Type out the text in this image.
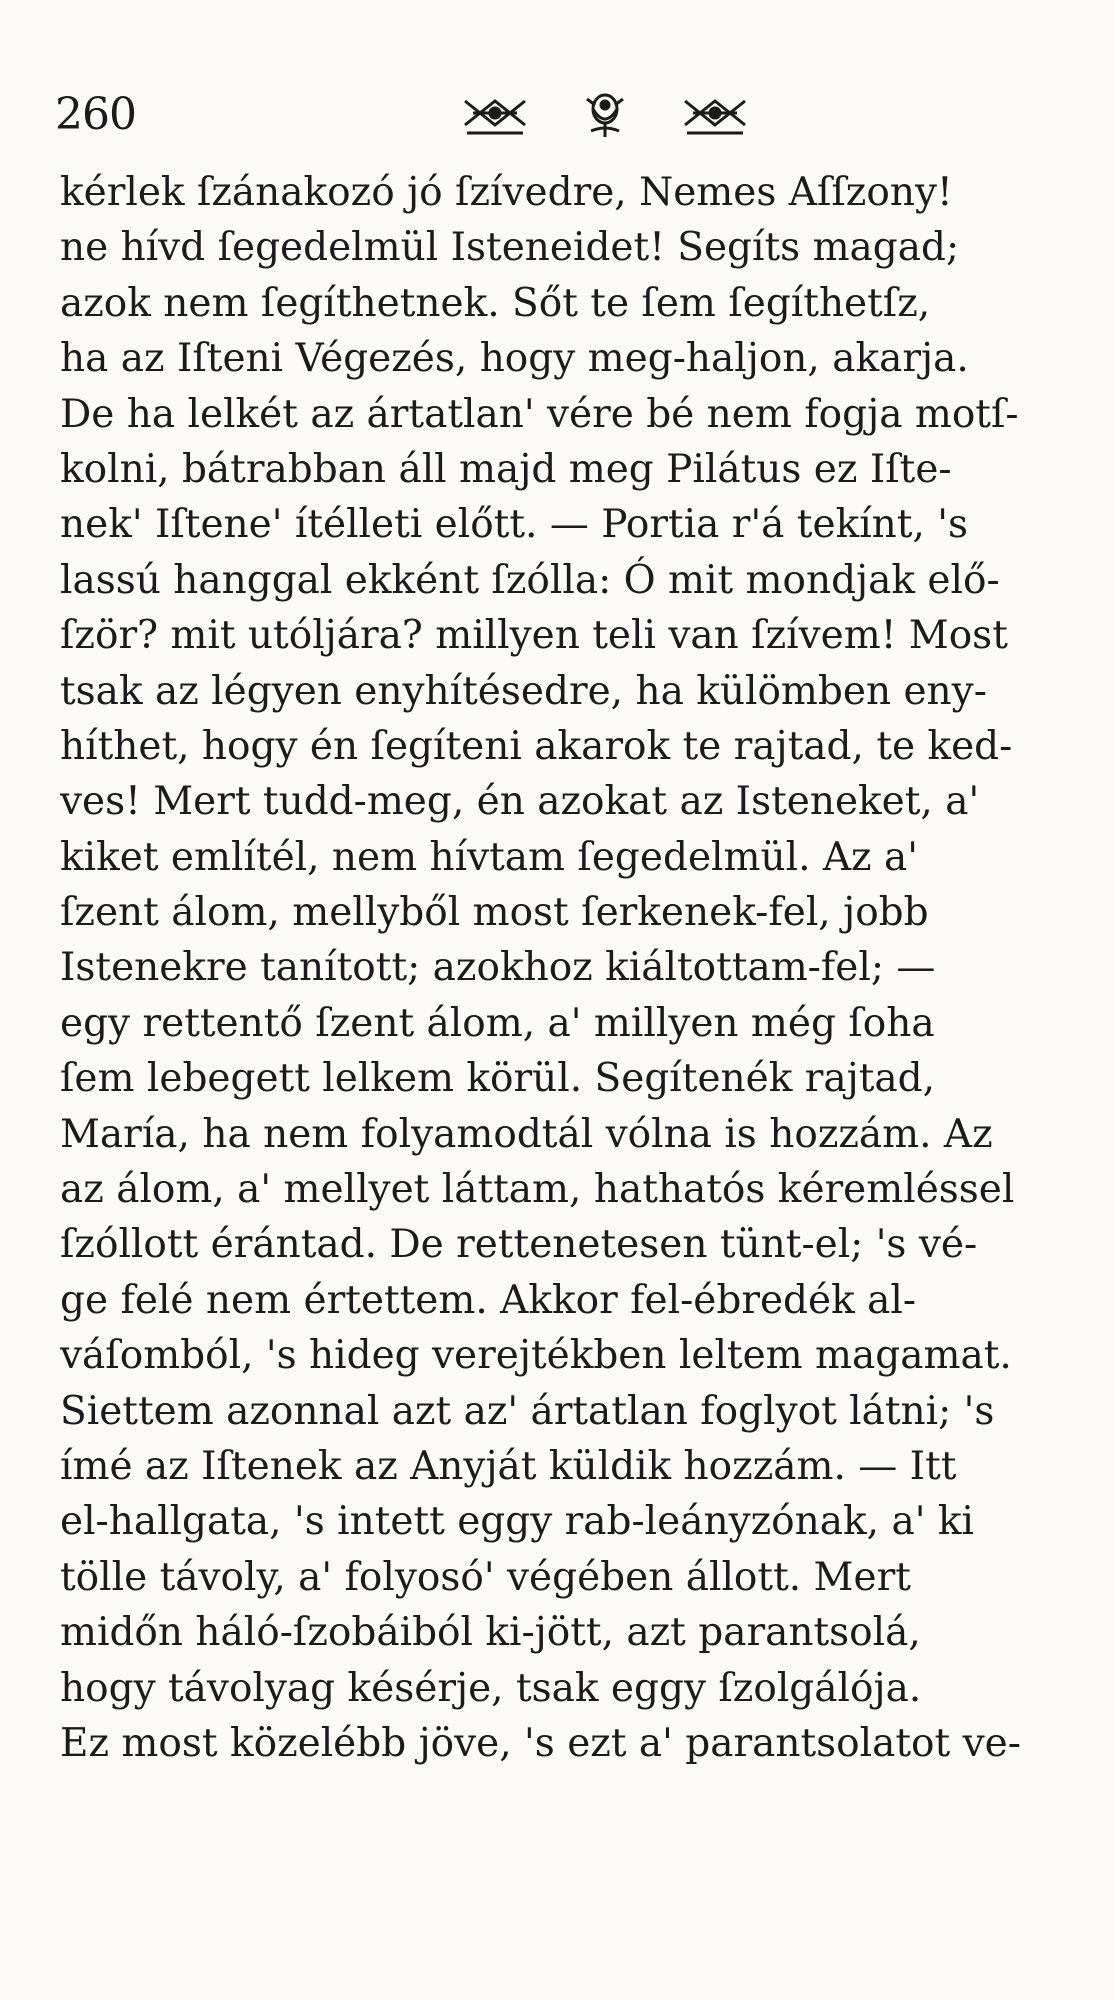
260
kérlek ſzánakozó jó ſzívedre, Nemes Aſſzony!
ne hívd ſegedelmül Isteneidet! Segíts magad;
azok nem ſegíthetnek. Sőt te ſem ſegíthetſz,
ha az Iſteni Végezés, hogy meg-haljon, akarja.
De ha lelkét az ártatlan' vére bé nem fogja motſ-
kolni, bátrabban áll majd meg Pilátus ez Iſte-
nek' Iſtene' ítélleti előtt. — Portia r'á tekínt, 's
lassú hanggal ekként ſzólla: Ó mit mondjak elő-
ſzör? mit utóljára? millyen teli van ſzívem! Most
tsak az légyen enyhítésedre, ha külömben eny-
híthet, hogy én ſegíteni akarok te rajtad, te ked-
ves! Mert tudd-meg, én azokat az Isteneket, a'
kiket említél, nem hívtam ſegedelmül. Az a'
ſzent álom, mellyből most ſerkenek-fel, jobb
Istenekre tanított; azokhoz kiáltottam-fel; —
egy rettentő ſzent álom, a' millyen még ſoha
ſem lebegett lelkem körül. Segítenék rajtad,
María, ha nem folyamodtál vólna is hozzám. Az
az álom, a' mellyet láttam, hathatós kéremléssel
ſzóllott érántad. De rettenetesen tünt-el; 's vé-
ge felé nem értettem. Akkor fel-ébredék al-
váſomból, 's hideg verejtékben leltem magamat.
Siettem azonnal azt az' ártatlan foglyot látni; 's
ímé az Iſtenek az Anyját küldik hozzám. — Itt
el-hallgata, 's intett eggy rab-leányzónak, a' ki
tölle távoly, a' folyosó' végében állott. Mert
midőn háló-ſzobáiból ki-jött, azt parantsolá,
hogy távolyag késérje, tsak eggy ſzolgálója.
Ez most közelébb jöve, 's ezt a' parantsolatot ve-
